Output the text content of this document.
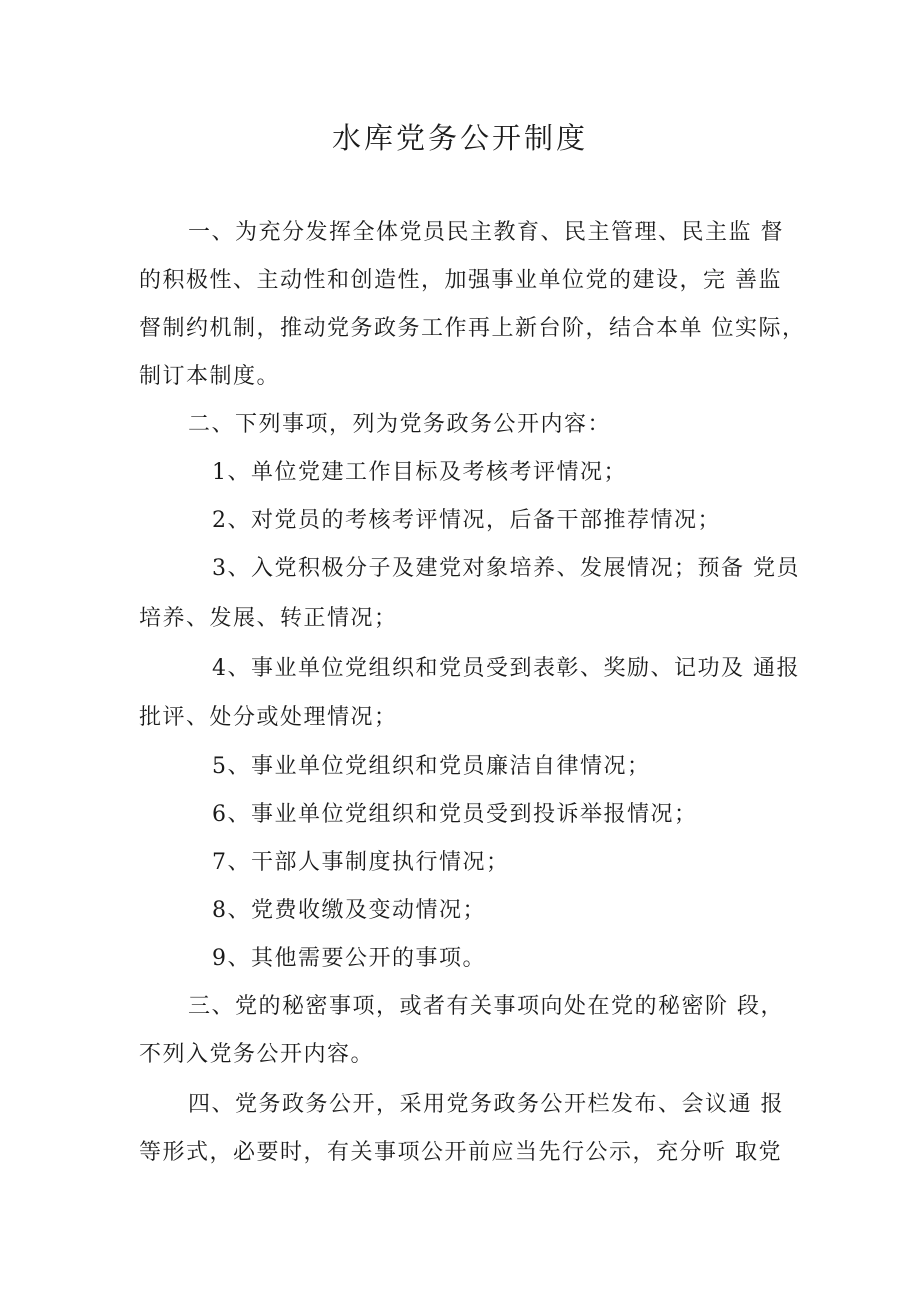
水库党务公开制度

一、为充分发挥全体党员民主教育、民主管理、民主监 督

的积极性、主动性和创造性，加强事业单位党的建设，完 善监

督制约机制，推动党务政务工作再上新台阶，结合本单 位实际，

制订本制度。

二、下列事项，列为党务政务公开内容：

1、单位党建工作目标及考核考评情况；

2、对党员的考核考评情况，后备干部推荐情况；

3、入党积极分子及建党对象培养、发展情况；预备 党员

培养、发展、转正情况；

4、事业单位党组织和党员受到表彰、奖励、记功及 通报

批评、处分或处理情况；

5、事业单位党组织和党员廉洁自律情况；

6、事业单位党组织和党员受到投诉举报情况；

7、干部人事制度执行情况；

8、党费收缴及变动情况；

9、其他需要公开的事项。

三、党的秘密事项，或者有关事项向处在党的秘密阶 段，

不列入党务公开内容。

四、党务政务公开，采用党务政务公开栏发布、会议通 报

等形式，必要时，有关事项公开前应当先行公示，充分听 取党
